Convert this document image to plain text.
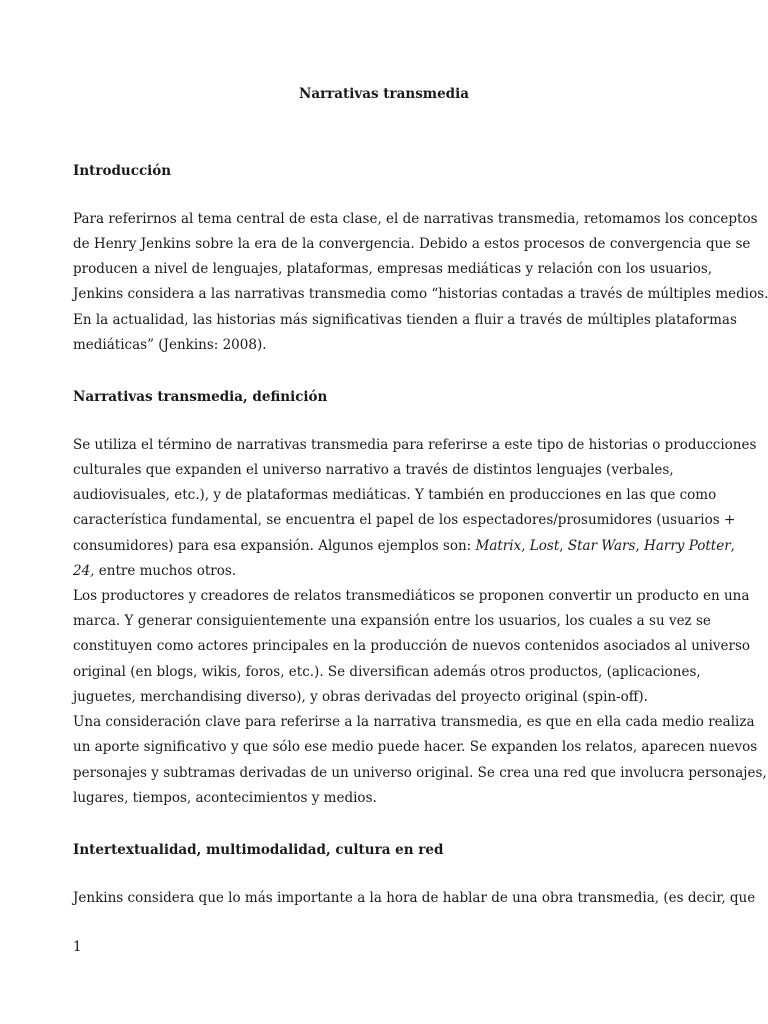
Narrativas transmedia
Introducción

Para referirnos al tema central de esta clase, el de narrativas transmedia, retomamos los conceptos

de Henry Jenkins sobre la era de la convergencia. Debido a estos procesos de convergencia que se

producen a nivel de lenguajes, plataformas, empresas mediáticas y relación con los usuarios,

Jenkins considera a las narrativas transmedia como “historias contadas a través de múltiples medios.

En la actualidad, las historias más significativas tienden a fluir a través de múltiples plataformas

mediáticas” (Jenkins: 2008).

Narrativas transmedia, definición

Se utiliza el término de narrativas transmedia para referirse a este tipo de historias o producciones

culturales que expanden el universo narrativo a través de distintos lenguajes (verbales,

audiovisuales, etc.), y de plataformas mediáticas. Y también en producciones en las que como

característica fundamental, se encuentra el papel de los espectadores/prosumidores (usuarios +

consumidores) para esa expansión. Algunos ejemplos son: Matrix, Lost, Star Wars, Harry Potter,

24, entre muchos otros.

Los productores y creadores de relatos transmediáticos se proponen convertir un producto en una

marca. Y generar consiguientemente una expansión entre los usuarios, los cuales a su vez se

constituyen como actores principales en la producción de nuevos contenidos asociados al universo

original (en blogs, wikis, foros, etc.). Se diversifican además otros productos, (aplicaciones,

juguetes, merchandising diverso), y obras derivadas del proyecto original (spin-off).

Una consideración clave para referirse a la narrativa transmedia, es que en ella cada medio realiza

un aporte significativo y que sólo ese medio puede hacer. Se expanden los relatos, aparecen nuevos

personajes y subtramas derivadas de un universo original. Se crea una red que involucra personajes,

lugares, tiempos, acontecimientos y medios.

Intertextualidad, multimodalidad, cultura en red

Jenkins considera que lo más importante a la hora de hablar de una obra transmedia, (es decir, que

1
